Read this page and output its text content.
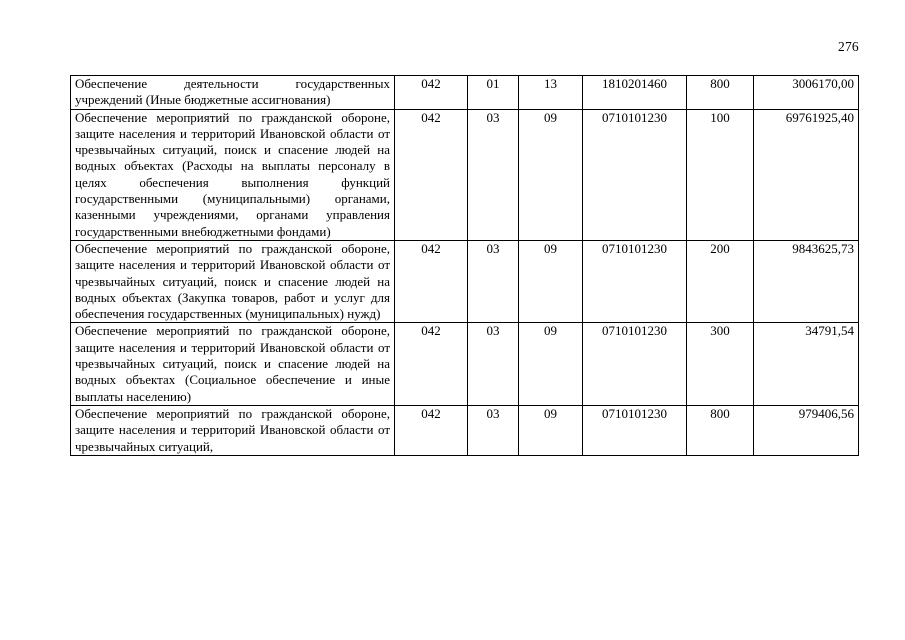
276
Обеспечение деятельности государственных учреждений (Иные бюджетные ассигнования)	042	01	13	1810201460	800	3006170,00
Обеспечение мероприятий по гражданской обороне, защите населения и территорий Ивановской области от чрезвычайных ситуаций, поиск и спасение людей на водных объектах (Расходы на выплаты персоналу в целях обеспечения выполнения функций государственными (муниципальными) органами, казенными учреждениями, органами управления государственными внебюджетными фондами)	042	03	09	0710101230	100	69761925,40
Обеспечение мероприятий по гражданской обороне, защите населения и территорий Ивановской области от чрезвычайных ситуаций, поиск и спасение людей на водных объектах (Закупка товаров, работ и услуг для обеспечения государственных (муниципальных) нужд)	042	03	09	0710101230	200	9843625,73
Обеспечение мероприятий по гражданской обороне, защите населения и территорий Ивановской области от чрезвычайных ситуаций, поиск и спасение людей на водных объектах (Социальное обеспечение и иные выплаты населению)	042	03	09	0710101230	300	34791,54
Обеспечение мероприятий по гражданской обороне, защите населения и территорий Ивановской области от чрезвычайных ситуаций,	042	03	09	0710101230	800	979406,56
